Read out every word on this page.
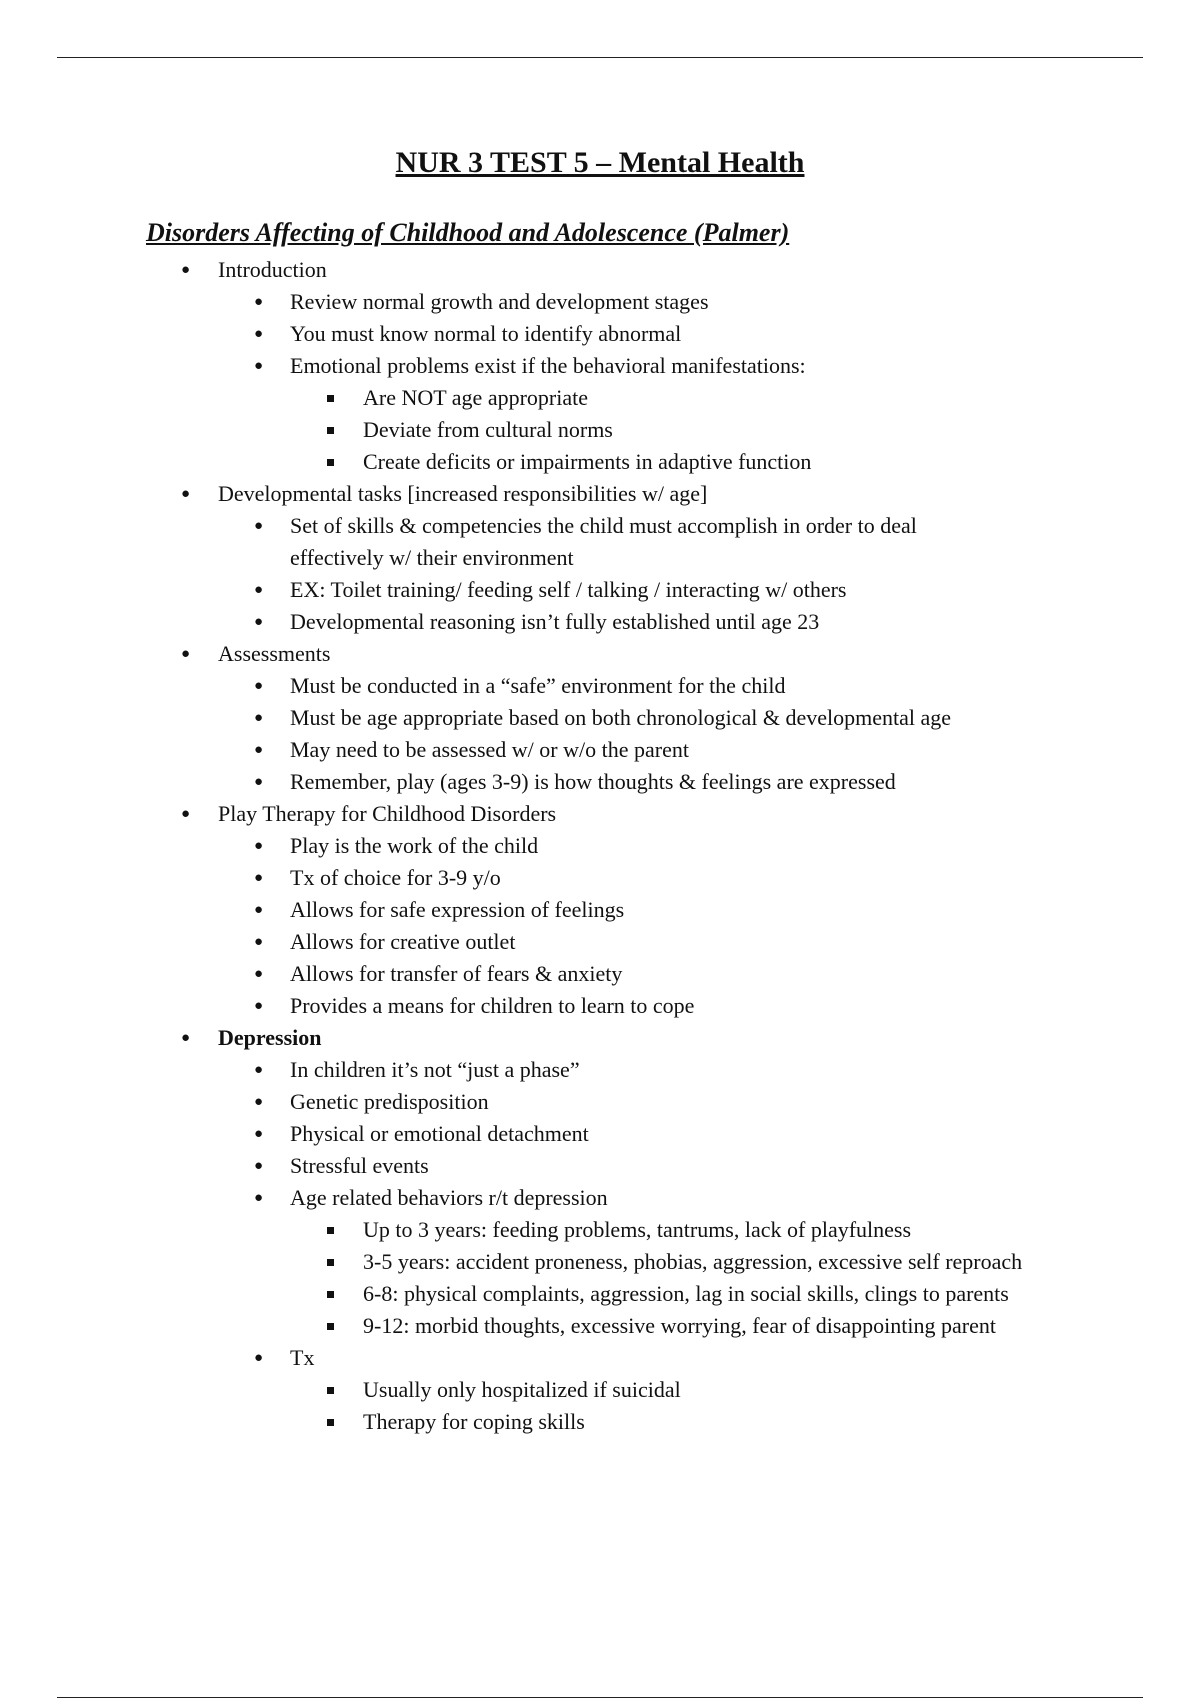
NUR 3 TEST 5 – Mental Health
Disorders Affecting of Childhood and Adolescence (Palmer)
● Introduction
● Review normal growth and development stages
● You must know normal to identify abnormal
● Emotional problems exist if the behavioral manifestations:
Are NOT age appropriate
Deviate from cultural norms
Create deficits or impairments in adaptive function
● Developmental tasks [increased responsibilities w/ age]
● Set of skills & competencies the child must accomplish in order to deal effectively w/ their environment
● EX: Toilet training/ feeding self / talking / interacting w/ others
● Developmental reasoning isn’t fully established until age 23
● Assessments
● Must be conducted in a “safe” environment for the child
● Must be age appropriate based on both chronological & developmental age
● May need to be assessed w/ or w/o the parent
● Remember, play (ages 3-9) is how thoughts & feelings are expressed
● Play Therapy for Childhood Disorders
● Play is the work of the child
● Tx of choice for 3-9 y/o
● Allows for safe expression of feelings
● Allows for creative outlet
● Allows for transfer of fears & anxiety
● Provides a means for children to learn to cope
● Depression
● In children it’s not “just a phase”
● Genetic predisposition
● Physical or emotional detachment
● Stressful events
● Age related behaviors r/t depression
Up to 3 years: feeding problems, tantrums, lack of playfulness
3-5 years: accident proneness, phobias, aggression, excessive self reproach
6-8: physical complaints, aggression, lag in social skills, clings to parents
9-12: morbid thoughts, excessive worrying, fear of disappointing parent
● Tx
Usually only hospitalized if suicidal
Therapy for coping skills
